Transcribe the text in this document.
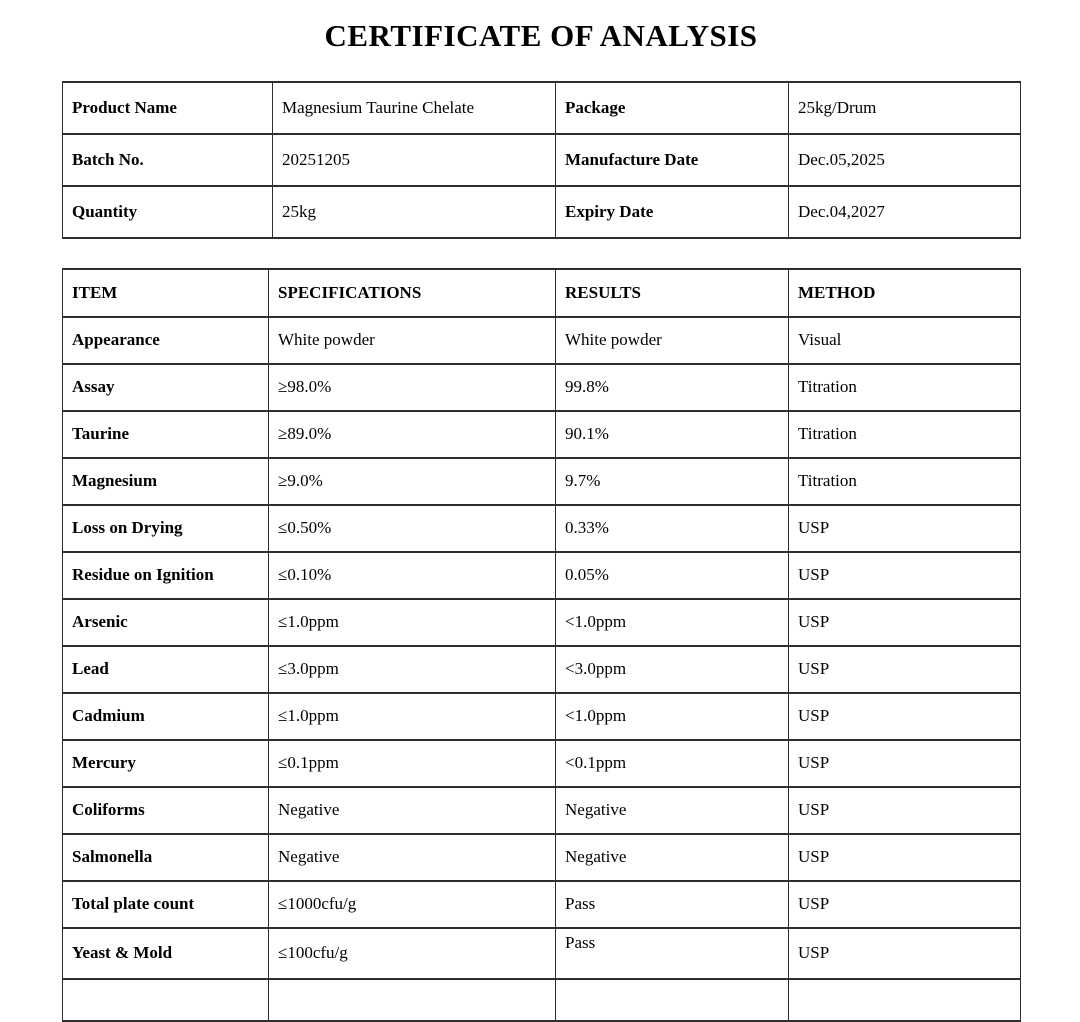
CERTIFICATE OF ANALYSIS
Product Name	Magnesium Taurine Chelate	Package	25kg/Drum
Batch No.	20251205	Manufacture Date	Dec.05,2025
Quantity	25kg	Expiry Date	Dec.04,2027
ITEM	SPECIFICATIONS	RESULTS	METHOD
Appearance	White powder	White powder	Visual
Assay	≥98.0%	99.8%	Titration
Taurine	≥89.0%	90.1%	Titration
Magnesium	≥9.0%	9.7%	Titration
Loss on Drying	≤0.50%	0.33%	USP
Residue on Ignition	≤0.10%	0.05%	USP
Arsenic	≤1.0ppm	<1.0ppm	USP
Lead	≤3.0ppm	<3.0ppm	USP
Cadmium	≤1.0ppm	<1.0ppm	USP
Mercury	≤0.1ppm	<0.1ppm	USP
Coliforms	Negative	Negative	USP
Salmonella	Negative	Negative	USP
Total plate count	≤1000cfu/g	Pass	USP
Yeast & Mold	≤100cfu/g	Pass	USP
